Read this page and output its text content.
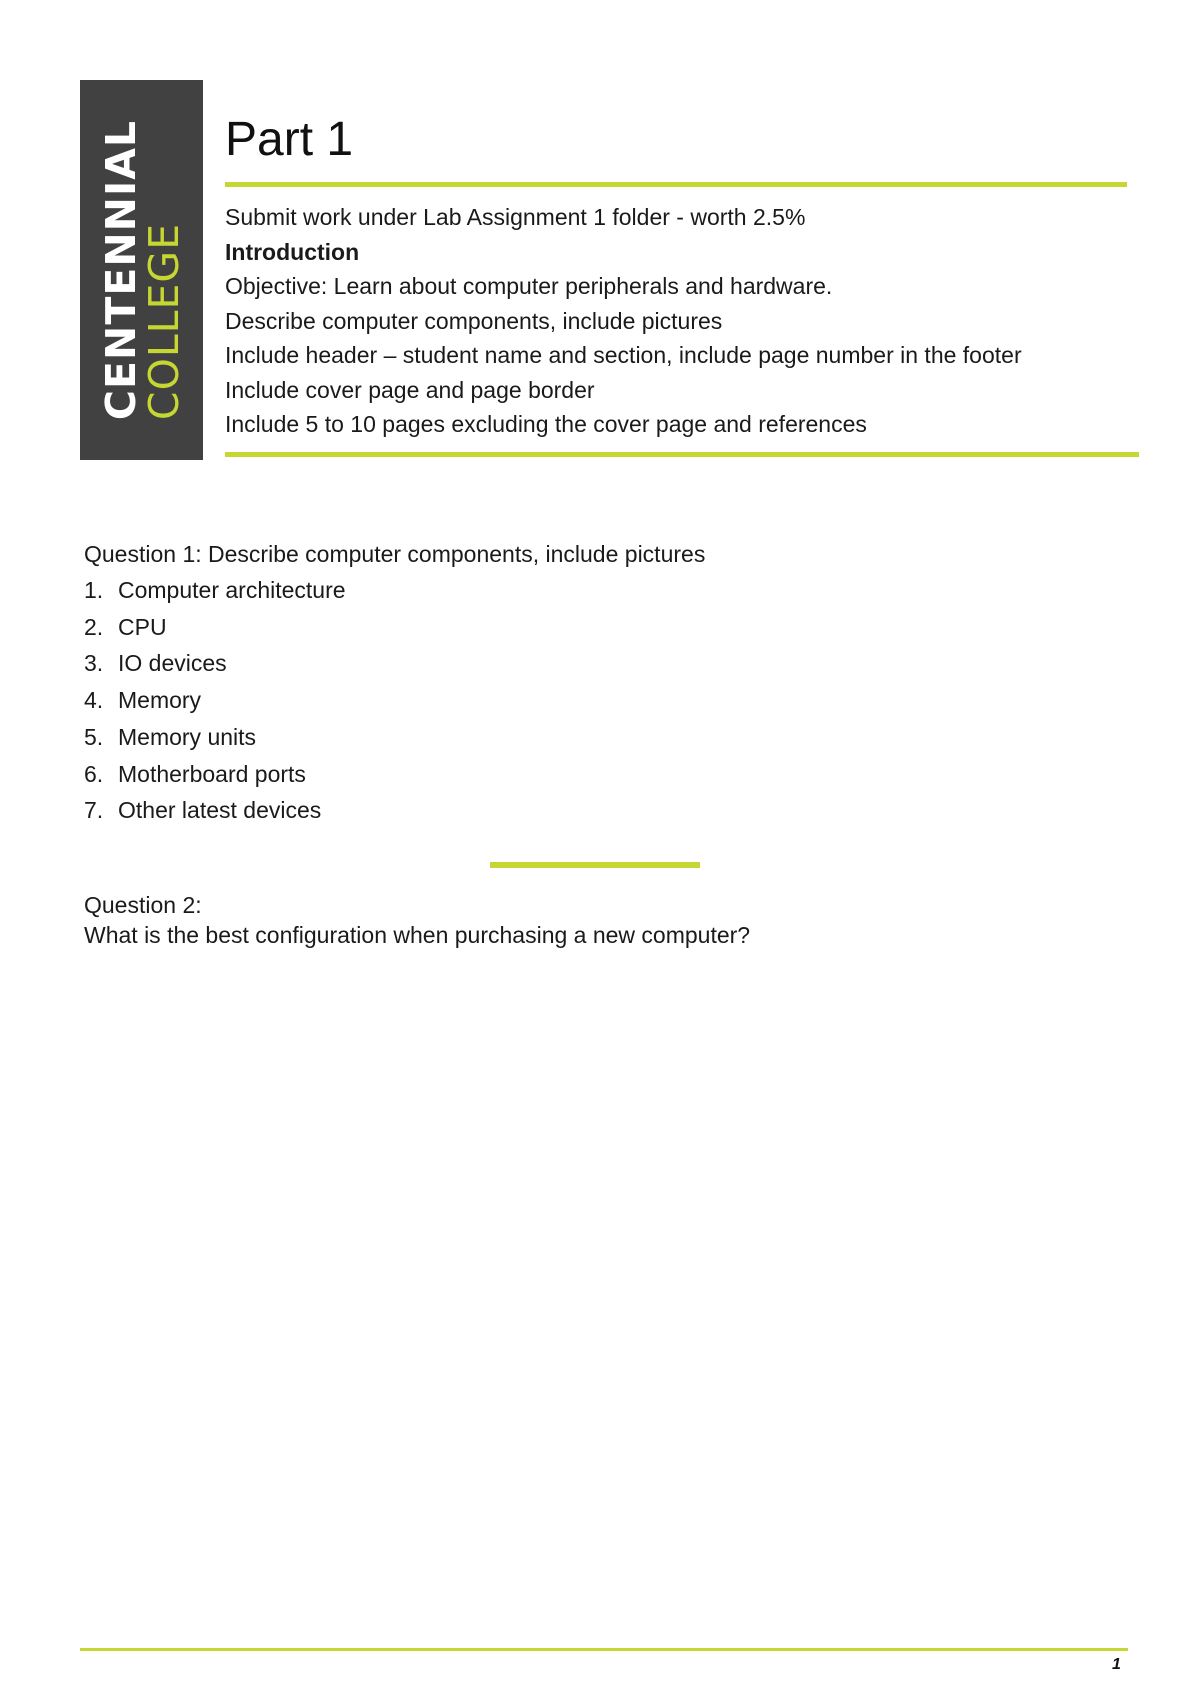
CENTENNIAL
COLLEGE
Part 1

Submit work under Lab Assignment 1 folder - worth 2.5%

Introduction

Objective: Learn about computer peripherals and hardware.

Describe computer components, include pictures

Include header – student name and section, include page number in the footer

Include cover page and page border

Include 5 to 10 pages excluding the cover page and references

Question 1: Describe computer components, include pictures

1. Computer architecture
2. CPU
3. IO devices
4. Memory
5. Memory units
6. Motherboard ports
7. Other latest devices

Question 2:

What is the best configuration when purchasing a new computer?

1
